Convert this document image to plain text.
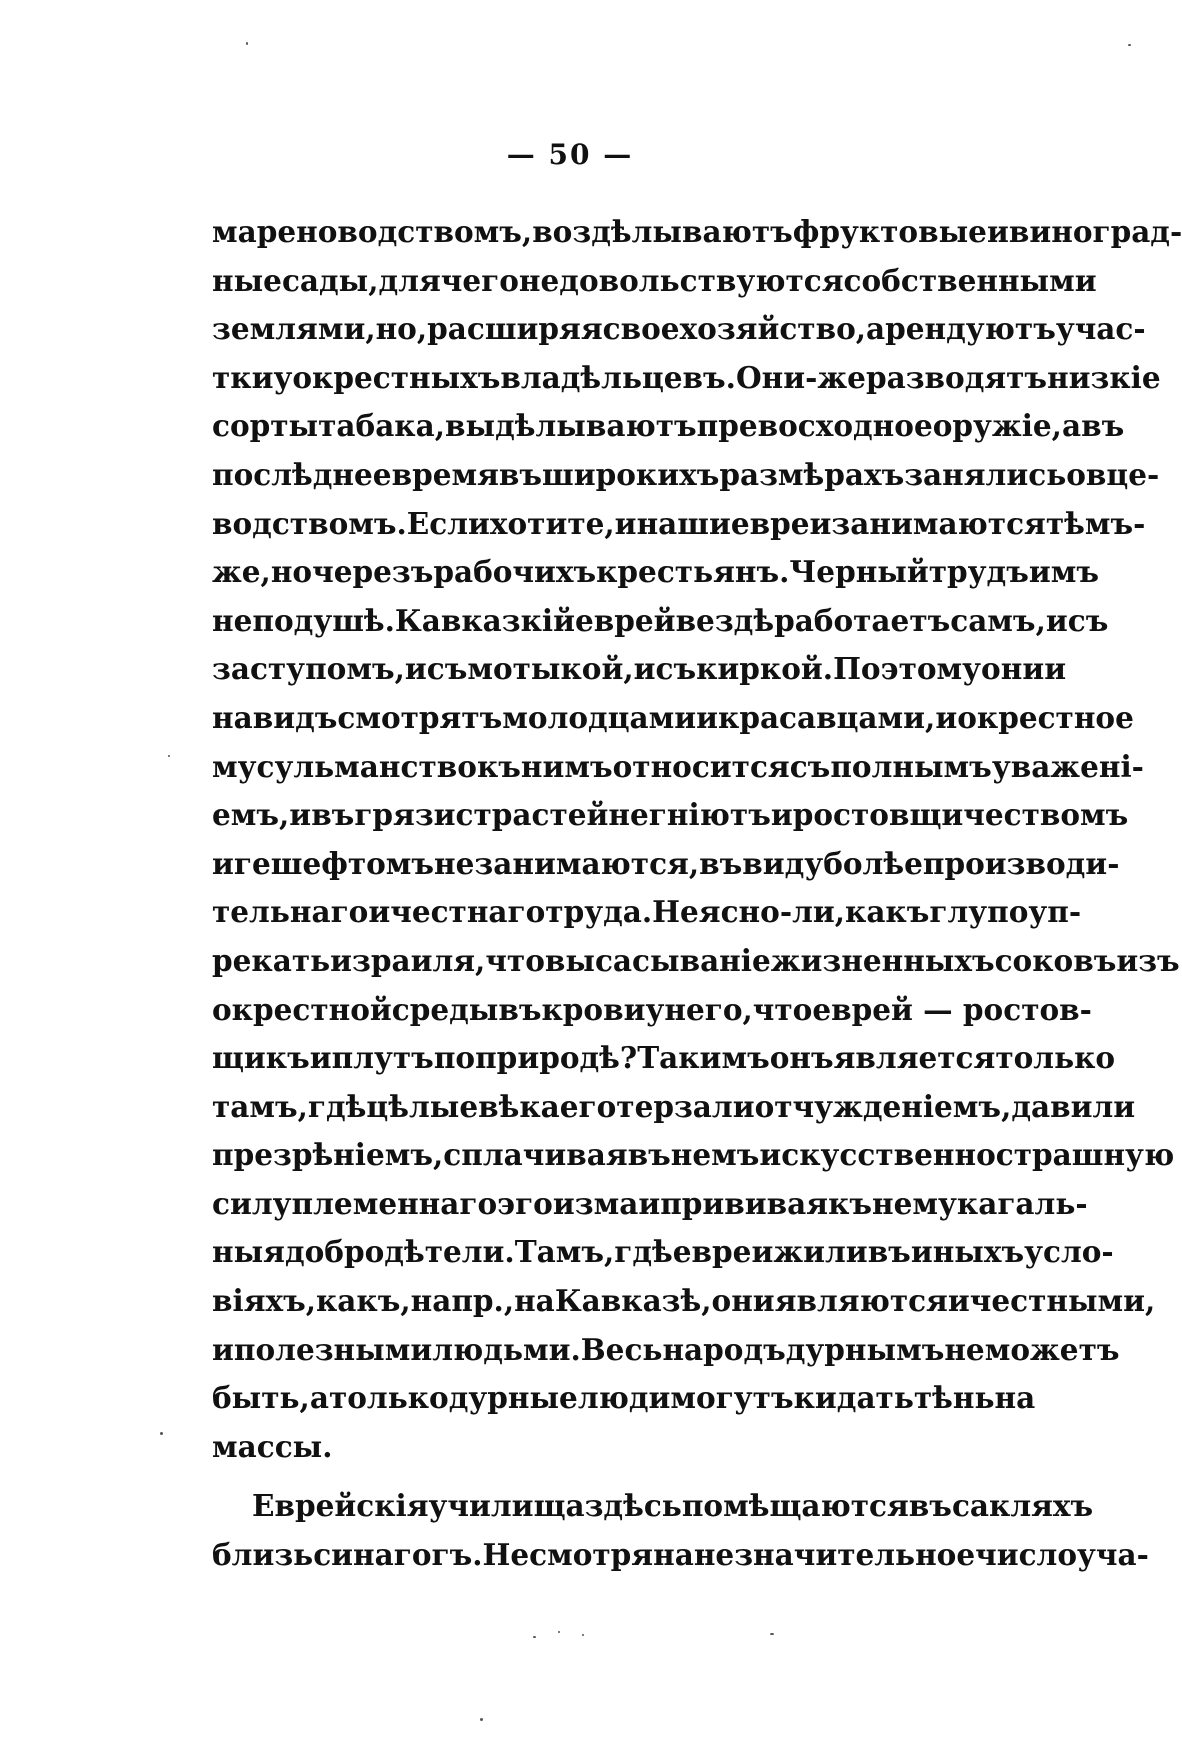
— 50 —
мареноводствомъ, воздѣлываютъ фруктовые и виноград-
ные сады, для чего не довольствуются собственными
землями, но, расширяя свое хозяйство, арендуютъ учас-
тки у окрестныхъ владѣльцевъ. Они-же разводятъ низкіе
сорты табака, выдѣлываютъ превосходное оружіе, а въ
послѣднее время въ широкихъ размѣрахъ занялись овце-
водствомъ. Если хотите, и наши евреи занимаются тѣмъ-
же, но черезъ рабочихъ крестьянъ. Черный трудъ имъ
не по душѣ. Кавказкій еврей вездѣ работаетъ самъ, и съ
заступомъ, и съ мотыкой, и съ киркой. Поэтому они и
на видъ смотрятъ молодцами и красавцами, и окрестное
мусульманство къ нимъ относится съ полнымъ уваженi-
емъ, и въ грязи страстей не гніютъ и ростовщичествомъ
и гешефтомъ не занимаются, въ виду болѣе производи-
тельнаго и честнаго труда. Не ясно-ли, какъ глупо уп-
рекать израиля, что высасываніе жизненныхъ соковъ изъ
окрестной среды въ крови у него, что еврей — ростов-
щикъ и плутъ по природѣ? Такимъ онъ является только
тамъ, гдѣ цѣлые вѣка его терзали отчужденіемъ, давили
презрѣніемъ, сплачивая въ немъ искусственно страшную
силу племеннаго эгоизма и прививая къ нему кагаль-
ныя добродѣтели. Тамъ, гдѣ евреи жили въ иныхъ усло-
віяхъ, какъ, напр., на Кавказѣ, они являются и честными,
и полезными людьми. Весь народъ дурнымъ не можетъ
быть, а только дурные люди могутъ кидать тѣнь на
массы.
Еврейскія училища здѣсь помѣщаются въ сакляхъ
близь синагогъ. Несмотря на незначительное число уча-
